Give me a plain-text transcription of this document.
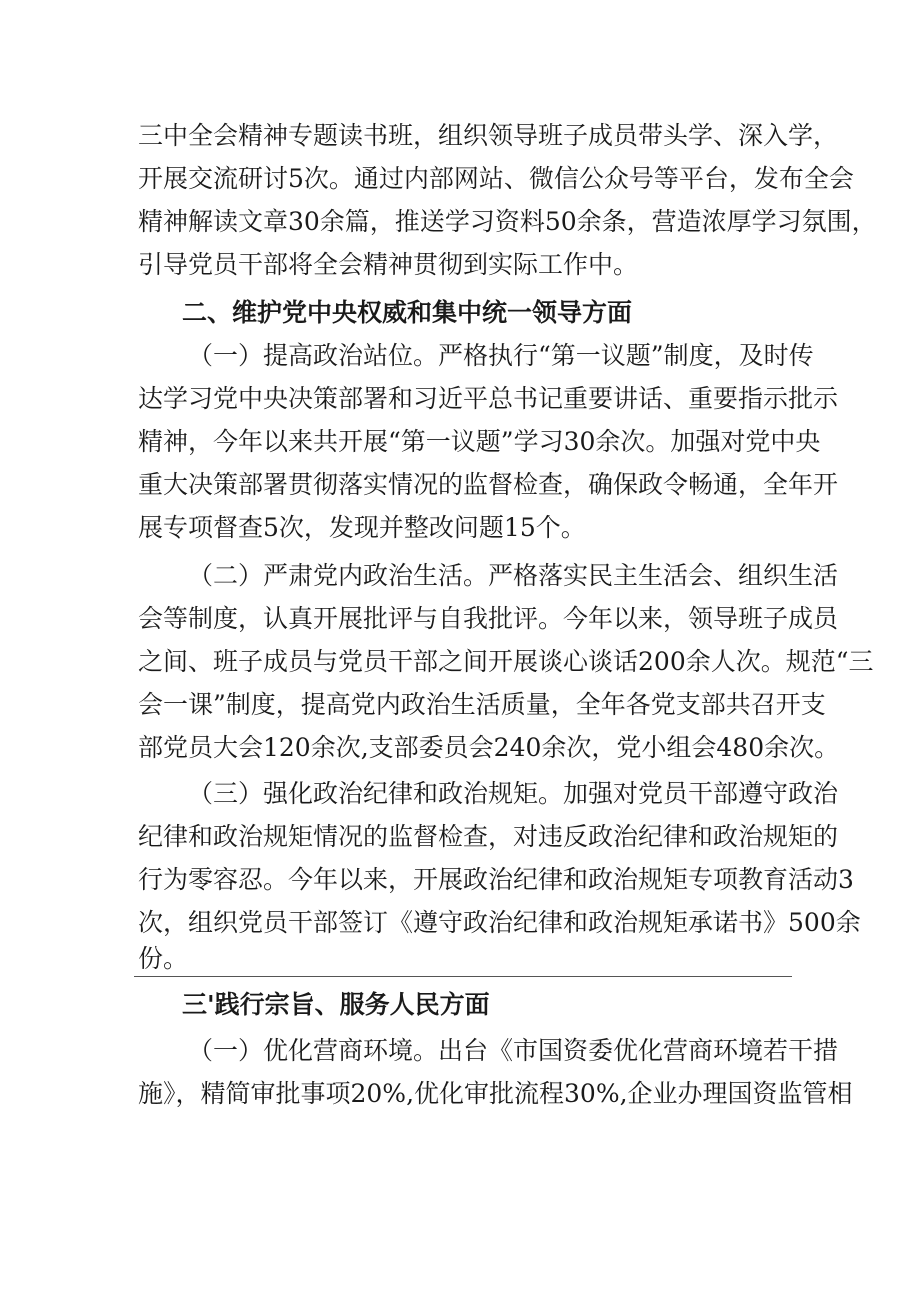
三中全会精神专题读书班，组织领导班子成员带头学、深入学，
开展交流研讨5次。通过内部网站、微信公众号等平台，发布全会
精神解读文章30余篇，推送学习资料50余条，营造浓厚学习氛围，
引导党员干部将全会精神贯彻到实际工作中。
二、维护党中央权威和集中统一领导方面
（一）提高政治站位。严格执行“第一议题”制度，及时传
达学习党中央决策部署和习近平总书记重要讲话、重要指示批示
精神，今年以来共开展“第一议题”学习30余次。加强对党中央
重大决策部署贯彻落实情况的监督检查，确保政令畅通，全年开
展专项督查5次，发现并整改问题15个。
（二）严肃党内政治生活。严格落实民主生活会、组织生活
会等制度，认真开展批评与自我批评。今年以来，领导班子成员
之间、班子成员与党员干部之间开展谈心谈话200余人次。规范“三
会一课”制度，提高党内政治生活质量，全年各党支部共召开支
部党员大会120余次,支部委员会240余次，党小组会480余次。
（三）强化政治纪律和政治规矩。加强对党员干部遵守政治
纪律和政治规矩情况的监督检查，对违反政治纪律和政治规矩的
行为零容忍。今年以来，开展政治纪律和政治规矩专项教育活动3
次，组织党员干部签订《遵守政治纪律和政治规矩承诺书》500余
份。
三'践行宗旨、服务人民方面
（一）优化营商环境。出台《市国资委优化营商环境若干措
施》，精简审批事项20%,优化审批流程30%,企业办理国资监管相
